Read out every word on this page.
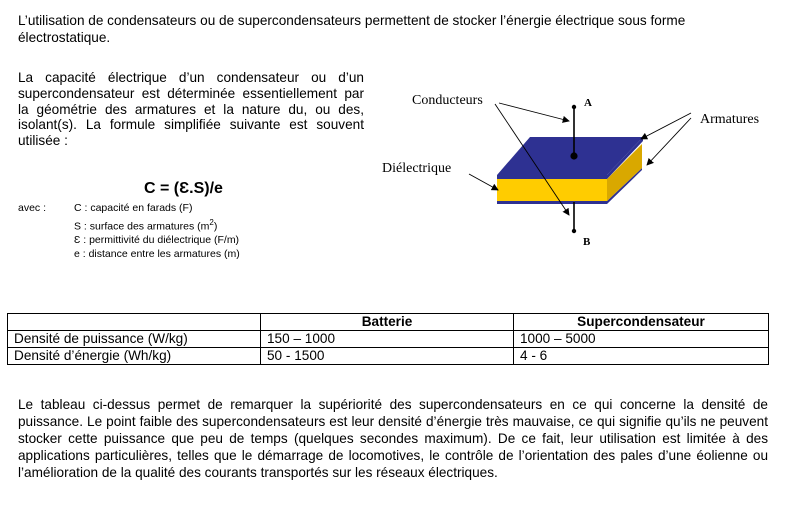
L’utilisation de condensateurs ou de supercondensateurs permettent de stocker l’énergie électrique sous forme électrostatique.
La capacité électrique d’un condensateur ou d’un supercondensateur est déterminée essentiellement par la géométrie des armatures et la nature du, ou des, isolant(s). La formule simplifiée suivante est souvent utilisée :
C = (Ɛ.S)/e
avec :	C : capacité en farads (F)
S : surface des armatures $(m^2)$
Ɛ : permittivité du diélectrique (F/m)
e : distance entre les armatures (m)
Conducteurs
Armatures
Diélectrique
A
B
	Batterie	Supercondensateur
Densité de puissance (W/kg)	150 – 1000	1000 – 5000
Densité d’énergie (Wh/kg)	50 - 1500	4 - 6
Le tableau ci-dessus permet de remarquer la supériorité des supercondensateurs en ce qui concerne la densité de puissance. Le point faible des supercondensateurs est leur densité d’énergie très mauvaise, ce qui signifie qu’ils ne peuvent stocker cette puissance que peu de temps (quelques secondes maximum). De ce fait, leur utilisation est limitée à des applications particulières, telles que le démarrage de locomotives, le contrôle de l’orientation des pales d’une éolienne ou l’amélioration de la qualité des courants transportés sur les réseaux électriques.
